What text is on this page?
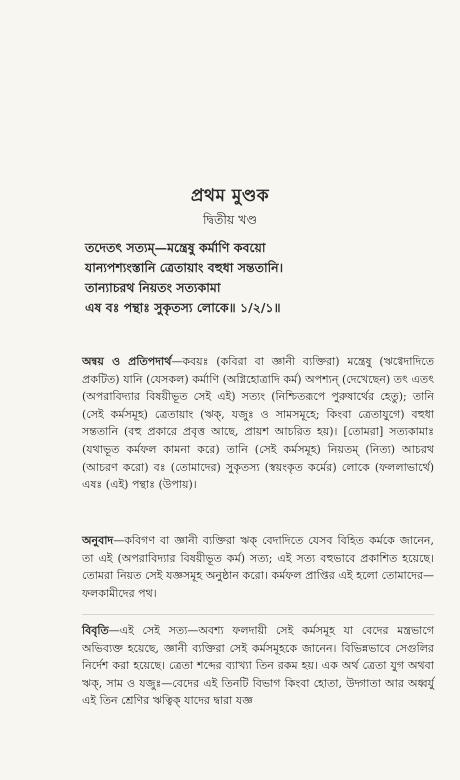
প্রথম মুণ্ডক
দ্বিতীয় খণ্ড
তদেতৎ সত্যম্—মন্ত্রেষু কর্মাণি কবয়ো
যান্যপশ্যংস্তানি ত্রেতায়াং বহুধা সন্ততানি।
তান্যাচরথ নিয়তং সত্যকামা
এষ বঃ পন্থাঃ সুকৃতস্য লোকে॥ ১/২/১॥
অন্বয় ও প্রতিপদার্থ—কবয়ঃ (কবিরা বা জ্ঞানী ব্যক্তিরা) মন্ত্রেষু (ঋগ্বেদাদিতে প্রকটিত) যানি (যেসকল) কর্মাণি (অগ্নিহোত্রাদি কর্ম) অপশ্যন্ (দেখেছেন) তৎ এতৎ (অপরাবিদ্যার বিষয়ীভূত সেই এই) সত্যং (নিশ্চিতরূপে পুরুষার্থের হেতু); তানি (সেই কর্মসমূহ) ত্রেতায়াং (ঋক্, যজুঃ ও সামসমূহে; কিংবা ত্রেতাযুগে) বহুধা সন্ততানি (বহু প্রকারে প্রবৃত্ত আছে, প্রায়শ আচরিত হয়)। [তোমরা] সত্যকামাঃ (যথাভূত কর্মফল কামনা করে) তানি (সেই কর্মসমূহ) নিয়তম্ (নিত্য) আচরথ (আচরণ করো) বঃ (তোমাদের) সুকৃতস্য (স্বয়ংকৃত কর্মের) লোকে (ফললাভার্থে) এষঃ (এই) পন্থাঃ (উপায়)।
অনুবাদ—কবিগণ বা জ্ঞানী ব্যক্তিরা ঋক্ বেদাদিতে যেসব বিহিত কর্মকে জানেন, তা এই (অপরাবিদ্যার বিষয়ীভূত কর্ম) সত্য; এই সত্য বহুভাবে প্রকাশিত হয়েছে। তোমরা নিয়ত সেই যজ্ঞসমূহ অনুষ্ঠান করো। কর্মফল প্রাপ্তির এই হলো তোমাদের—ফলকামীদের পথ।
বিবৃতি—এই সেই সত্য—অবশ্য ফলদায়ী সেই কর্মসমূহ যা বেদের মন্ত্রভাগে অভিব্যক্ত হয়েছে, জ্ঞানী ব্যক্তিরা সেই কর্মসমূহকে জানেন। বিভিন্নভাবে সেগুলির নির্দেশ করা হয়েছে। ত্রেতা শব্দের ব্যাখ্যা তিন রকম হয়। এক অর্থ ত্রেতা যুগ অথবা ঋক্, সাম ও যজুঃ—বেদের এই তিনটি বিভাগ কিংবা হোতা, উদ্গাতা আর অধ্বর্যু এই তিন শ্রেণির ঋত্বিক্ যাদের দ্বারা যজ্ঞ
